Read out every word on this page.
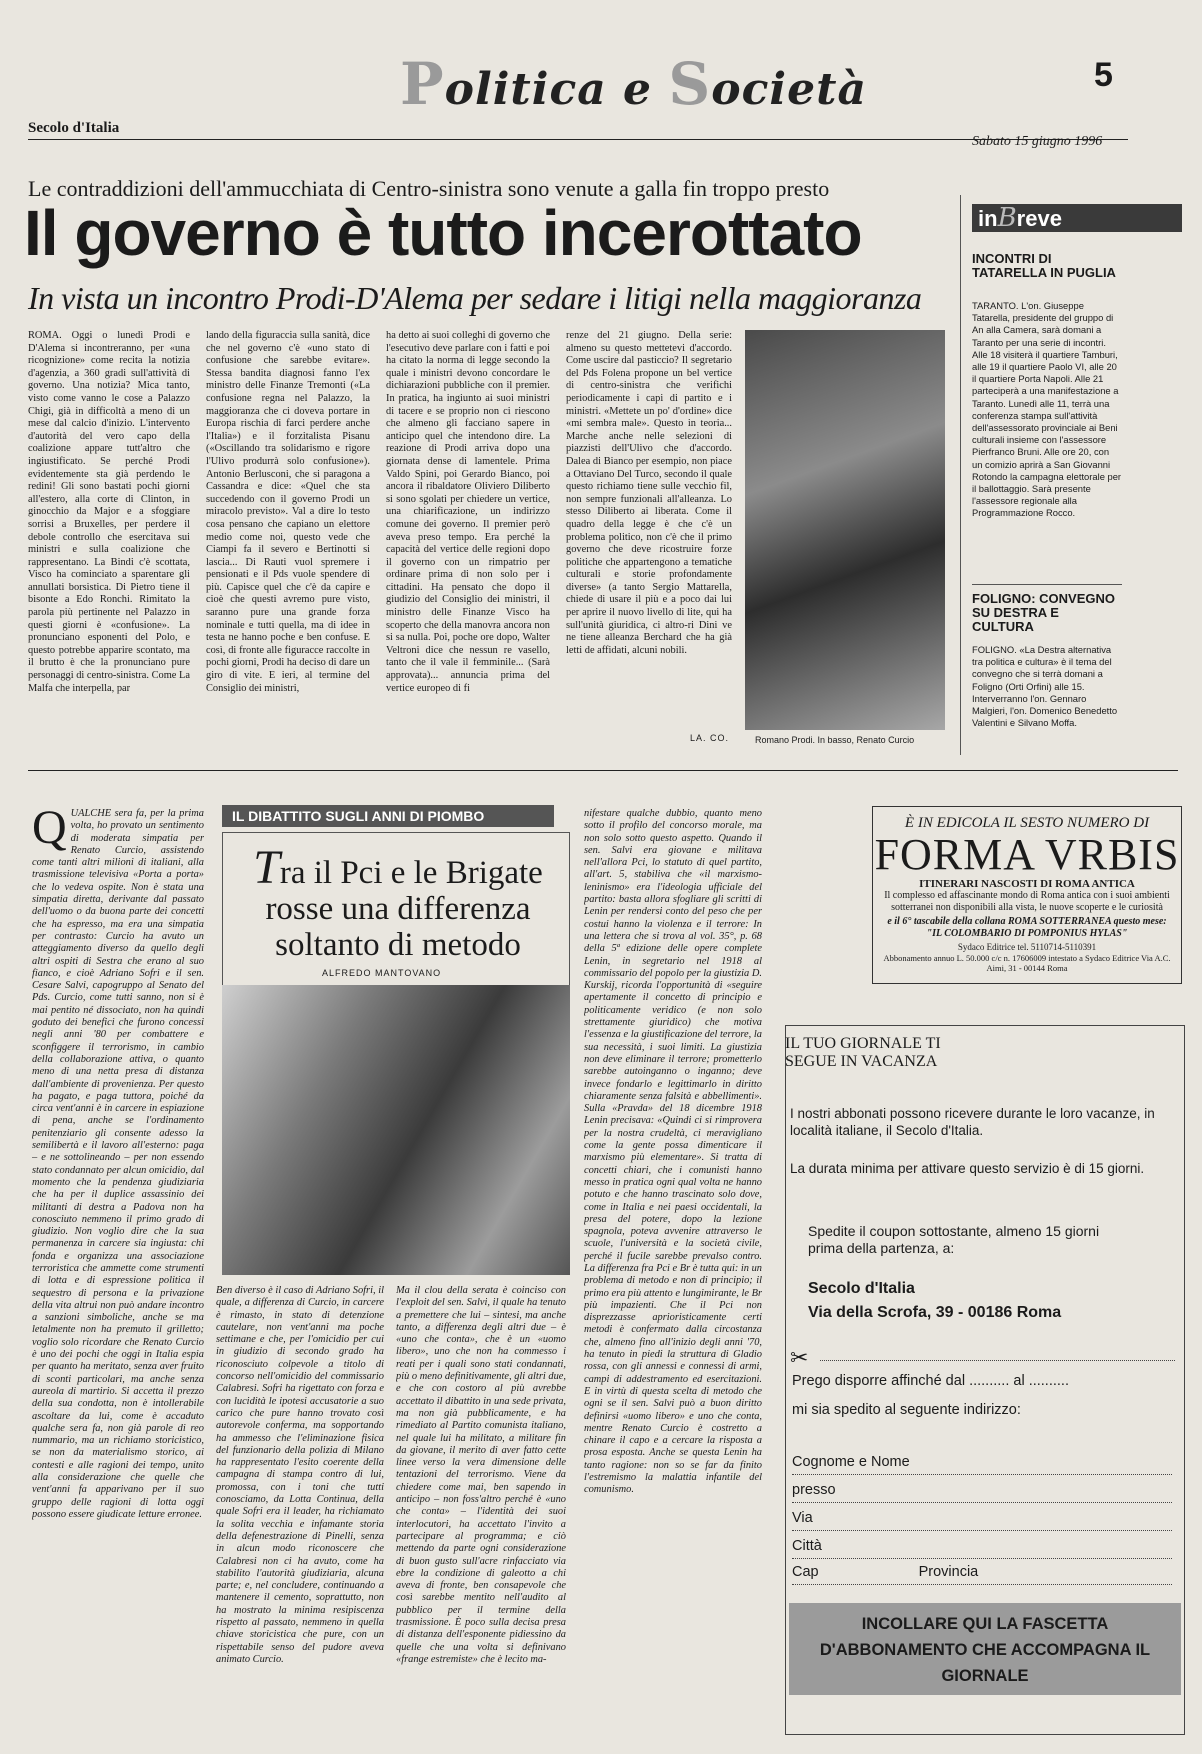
Politica e Società	5
Secolo d'Italia
Sabato 15 giugno 1996
Le contraddizioni dell'ammucchiata di Centro-sinistra sono venute a galla fin troppo presto
Il governo è tutto incerottato
In vista un incontro Prodi-D'Alema per sedare i litigi nella maggioranza
ROMA. Oggi o lunedì Prodi e D'Alema si incontreranno, per «una ricognizione» come recita la notizia d'agenzia, a 360 gradi sull'attività di governo. Una notizia? Mica tanto, visto come vanno le cose a Palazzo Chigi, già in difficoltà a meno di un mese dal calcio d'inizio. L'intervento d'autorità del vero capo della coalizione appare tutt'altro che ingiustificato. Se perché Prodi evidentemente sta già perdendo le redini! Gli sono bastati pochi giorni all'estero, alla corte di Clinton, in ginocchio da Major e a sfoggiare sorrisi a Bruxelles, per perdere il debole controllo che esercitava sui ministri e sulla coalizione che rappresentano. La Bindi c'è scottata, Visco ha cominciato a sparentare gli annullati borsistica. Di Pietro tiene il bisonte a Edo Ronchi. Rimitato la parola più pertinente nel Palazzo in questi giorni è «confusione». La pronunciano esponenti del Polo, e questo potrebbe apparire scontato, ma il brutto è che la pronunciano pure personaggi di centro-sinistra. Come La Malfa che interpella, par
lando della figuraccia sulla sanità, dice che nel governo c'è «uno stato di confusione che sarebbe evitare». Stessa bandita diagnosi fanno l'ex ministro delle Finanze Tremonti («La confusione regna nel Palazzo, la maggioranza che ci doveva portare in Europa rischia di farci perdere anche l'Italia») e il forzitalista Pisanu («Oscillando tra solidarismo e rigore l'Ulivo produrrà solo confusione»). Antonio Berlusconi, che si paragona a Cassandra e dice: «Quel che sta succedendo con il governo Prodi un miracolo previsto». Val a dire lo testo cosa pensano che capiano un elettore medio come noi, questo vede che Ciampi fa il severo e Bertinotti si lascia... Di Rauti vuol spremere i pensionati e il Pds vuole spendere di più. Capisce quel che c'è da capire e cioè che questi avremo pure visto, saranno pure una grande forza nominale e tutti quella, ma di idee in testa ne hanno poche e ben confuse. E così, di fronte alle figuracce raccolte in pochi giorni, Prodi ha deciso di dare un giro di vite. E ieri, al termine del Consiglio dei ministri,
ha detto ai suoi colleghi di governo che l'esecutivo deve parlare con i fatti e poi ha citato la norma di legge secondo la quale i ministri devono concordare le dichiarazioni pubbliche con il premier. In pratica, ha ingiunto ai suoi ministri di tacere e se proprio non ci riescono che almeno gli facciano sapere in anticipo quel che intendono dire. La reazione di Prodi arriva dopo una giornata dense di lamentele. Prima Valdo Spini, poi Gerardo Bianco, poi ancora il ribaldatore Oliviero Diliberto si sono sgolati per chiedere un vertice, una chiarificazione, un indirizzo comune dei governo. Il premier però aveva preso tempo. Era perché la capacità del vertice delle regioni dopo il governo con un rimpatrio per ordinare prima di non solo per i cittadini. Ha pensato che dopo il giudizio del Consiglio dei ministri, il ministro delle Finanze Visco ha scoperto che della manovra ancora non si sa nulla. Poi, poche ore dopo, Walter Veltroni dice che nessun re vasello, tanto che il vale il femminile... (Sarà approvata)... annuncia prima del vertice europeo di fi
renze del 21 giugno. Della serie: almeno su questo mettetevi d'accordo. Come uscire dal pasticcio? Il segretario del Pds Folena propone un bel vertice di centro-sinistra che verifichi periodicamente i capi di partito e i ministri. «Mettete un po' d'ordine» dice «mi sembra male». Questo in teoria... Marche anche nelle selezioni di piazzisti dell'Ulivo che d'accordo. Dalea di Bianco per esempio, non piace a Ottaviano Del Turco, secondo il quale questo richiamo tiene sulle vecchio fil, non sempre funzionali all'alleanza. Lo stesso Diliberto ai liberata. Come il quadro della legge è che c'è un problema politico, non c'è che il primo governo che deve ricostruire forze politiche che appartengono a tematiche culturali e storie profondamente diverse» (a tanto Sergio Mattarella, chiede di usare il più e a poco dai lui per aprire il nuovo livello di lite, qui ha sull'unità giuridica, ci altro-ri Dini ve ne tiene alleanza Berchard che ha già letti de affidati, alcuni nobili.
LA. CO.	Romano Prodi. In basso, Renato Curcio
inBreve
INCONTRI DI TATARELLA IN PUGLIA
TARANTO. L'on. Giuseppe Tatarella, presidente del gruppo di An alla Camera, sarà domani a Taranto per una serie di incontri. Alle 18 visiterà il quartiere Tamburi, alle 19 il quartiere Paolo VI, alle 20 il quartiere Porta Napoli. Alle 21 parteciperà a una manifestazione a Taranto. Lunedì alle 11, terrà una conferenza stampa sull'attività dell'assessorato provinciale ai Beni culturali insieme con l'assessore Pierfranco Bruni. Alle ore 20, con un comizio aprirà a San Giovanni Rotondo la campagna elettorale per il ballottaggio. Sarà presente l'assessore regionale alla Programmazione Rocco.
FOLIGNO: CONVEGNO SU DESTRA E CULTURA
FOLIGNO. «La Destra alternativa tra politica e cultura» è il tema del convegno che si terrà domani a Foligno (Orti Orfini) alle 15. Interverranno l'on. Gennaro Malgieri, l'on. Domenico Benedetto Valentini e Silvano Moffa.
QUALCHE sera fa, per la prima volta, ho provato un sentimento di moderata simpatia per Renato Curcio, assistendo come tanti altri milioni di italiani, alla trasmissione televisiva «Porta a porta» che lo vedeva ospite. Non è stata una simpatia diretta, derivante dal passato dell'uomo o da buona parte dei concetti che ha espresso, ma era una simpatia per contrasto: Curcio ha avuto un atteggiamento diverso da quello degli altri ospiti di Sestra che erano al suo fianco, e cioè Adriano Sofri e il sen. Cesare Salvi, capogruppo al Senato del Pds. Curcio, come tutti sanno, non si è mai pentito né dissociato, non ha quindi goduto dei benefici che furono concessi negli anni '80 per combattere e sconfiggere il terrorismo, in cambio della collaborazione attiva, o quanto meno di una netta presa di distanza dall'ambiente di provenienza. Per questo ha pagato, e paga tuttora, poiché da circa vent'anni è in carcere in espiazione di pena, anche se l'ordinamento penitenziario gli consente adesso la semilibertà e il lavoro all'esterno: paga – e ne sottolineando – per non essendo stato condannato per alcun omicidio, dal momento che la pendenza giudiziaria che ha per il duplice assassinio dei militanti di destra a Padova non ha conosciuto nemmeno il primo grado di giudizio. Non voglio dire che la sua permanenza in carcere sia ingiusta: chi fonda e organizza una associazione terroristica che ammette come strumenti di lotta e di espressione politica il sequestro di persona e la privazione della vita altrui non può andare incontro a sanzioni simboliche, anche se ma letalmente non ha premuto il grilletto; voglio solo ricordare che Renato Curcio è uno dei pochi che oggi in Italia espia per quanto ha meritato, senza aver fruito di sconti particolari, ma anche senza aureola di martirio. Si accetta il prezzo della sua condotta, non è intollerabile ascoltare da lui, come è accaduto qualche sera fa, non già parole di reo nummario, ma un richiamo storicistico, se non da materialismo storico, ai contesti e alle ragioni dei tempo, unito alla considerazione che quelle che vent'anni fa apparivano per il suo gruppo delle ragioni di lotta oggi possono essere giudicate letture erronee.
IL DIBATTITO SUGLI ANNI DI PIOMBO
Tra il Pci e le Brigate rosse una differenza soltanto di metodo
ALFREDO MANTOVANO
Ben diverso è il caso di Adriano Sofri, il quale, a differenza di Curcio, in carcere è rimasto, in stato di detenzione cautelare, non vent'anni ma poche settimane e che, per l'omicidio per cui in giudizio di secondo grado ha riconosciuto colpevole a titolo di concorso nell'omicidio del commissario Calabresi. Sofri ha rigettato con forza e con lucidità le ipotesi accusatorie a suo carico che pure hanno trovato così autorevole conferma, ma sopportando ha ammesso che l'eliminazione fisica del funzionario della polizia di Milano ha rappresentato l'esito coerente della campagna di stampa contro di lui, promossa, con i toni che tutti conosciamo, da Lotta Continua, della quale Sofri era il leader, ha richiamato la solita vecchia e infamante storia della defenestrazione di Pinelli, senza in alcun modo riconoscere che Calabresi non ci ha avuto, come ha stabilito l'autorità giudiziaria, alcuna parte; e, nel concludere, continuando a mantenere il cemento, soprattutto, non ha mostrato la minima resipiscenza rispetto al passato, nemmeno in quella chiave storicistica che pure, con un rispettabile senso del pudore aveva animato Curcio.
Ma il clou della serata è coinciso con l'exploit del sen. Salvi, il quale ha tenuto a premettere che lui – sintesi, ma anche tanto, a differenza degli altri due – è «uno che conta», che è un «uomo libero», uno che non ha commesso i reati per i quali sono stati condannati, più o meno definitivamente, gli altri due, e che con costoro al più avrebbe accettato il dibattito in una sede privata, ma non già pubblicamente, e ha rimediato al Partito comunista italiano, nel quale lui ha militato, a militare fin da giovane, il merito di aver fatto cette linee verso la vera dimensione delle tentazioni del terrorismo. Viene da chiedere come mai, ben sapendo in anticipo – non foss'altro perché è «uno che conta» – l'identità dei suoi interlocutori, ha accettato l'invito a partecipare al programma; e ciò mettendo da parte ogni considerazione di buon gusto sull'acre rinfacciato via ebre la condizione di galeotto a chi aveva di fronte, ben consapevole che così sarebbe mentito nell'audito al pubblico per il termine della trasmissione. È poco sulla decisa presa di distanza dell'esponente pidiessino da quelle che una volta si definivano «frange estremiste» che è lecito ma-
nifestare qualche dubbio, quanto meno sotto il profilo del concorso morale, ma non solo sotto questo aspetto. Quando il sen. Salvi era giovane e militava nell'allora Pci, lo statuto di quel partito, all'art. 5, stabiliva che «il marxismo-leninismo» era l'ideologia ufficiale del partito: basta allora sfogliare gli scritti di Lenin per rendersi conto del peso che per costui hanno la violenza e il terrore: In una lettera che si trova al vol. 35°, p. 68 della 5ª edizione delle opere complete Lenin, in segretario nel 1918 al commissario del popolo per la giustizia D. Kurskij, ricorda l'opportunità di «seguire apertamente il concetto di principio e politicamente veridico (e non solo strettamente giuridico) che motiva l'essenza e la giustificazione del terrore, la sua necessità, i suoi limiti. La giustizia non deve eliminare il terrore; prometterlo sarebbe autoinganno o inganno; deve invece fondarlo e legittimarlo in diritto chiaramente senza falsità e abbellimenti». Sulla «Pravda» del 18 dicembre 1918 Lenin precisava: «Quindi ci si rimprovera per la nostra crudeltà, ci meravigliano come la gente possa dimenticare il marxismo più elementare». Si tratta di concetti chiari, che i comunisti hanno messo in pratica ogni qual volta ne hanno potuto e che hanno trascinato solo dove, come in Italia e nei paesi occidentali, la presa del potere, dopo la lezione spagnola, poteva avvenire attraverso le scuole, l'università e la società civile, perché il fucile sarebbe prevalso contro. La differenza fra Pci e Br è tutta qui: in un problema di metodo e non di principio; il primo era più attento e lungimirante, le Br più impazienti. Che il Pci non disprezzasse aprioristicamente certi metodi è confermato dalla circostanza che, almeno fino all'inizio degli anni '70, ha tenuto in piedi la struttura di Gladio rossa, con gli annessi e connessi di armi, campi di addestramento ed esercitazioni. E in virtù di questa scelta di metodo che ogni se il sen. Salvi può a buon diritto definirsi «uomo libero» e uno che conta, mentre Renato Curcio è costretto a chinare il capo e a cercare la risposta a prosa esposta. Anche se questa Lenin ha tanto ragione: non so se far da finito l'estremismo la malattia infantile del comunismo.
È IN EDICOLA IL SESTO NUMERO DI
FORMA VRBIS
ITINERARI NASCOSTI DI ROMA ANTICA
Il complesso ed affascinante mondo di Roma antica con i suoi ambienti sotterranei non disponibili alla vista, le nuove scoperte e le curiosità
e il 6° tascabile della collana ROMA SOTTERRANEA questo mese: "IL COLOMBARIO DI POMPONIUS HYLAS"
Sydaco Editrice tel. 5110714-5110391
Abbonamento annuo L. 50.000 c/c n. 17606009 intestato a Sydaco Editrice Via A.C. Aimi, 31 - 00144 Roma
IL TUO GIORNALE TI
SEGUE IN VACANZA
I nostri abbonati possono ricevere durante le loro vacanze, in località italiane, il Secolo d'Italia.
La durata minima per attivare questo servizio è di 15 giorni.
Spedite il coupon sottostante, almeno 15 giorni prima della partenza, a:
Secolo d'Italia
Via della Scrofa, 39 - 00186 Roma
✂
Prego disporre affinché dal .......... al ..........
mi sia spedito al seguente indirizzo:
Cognome e Nome
presso
Via
Città
Cap	Provincia
INCOLLARE QUI LA FASCETTA D'ABBONAMENTO CHE ACCOMPAGNA IL GIORNALE
